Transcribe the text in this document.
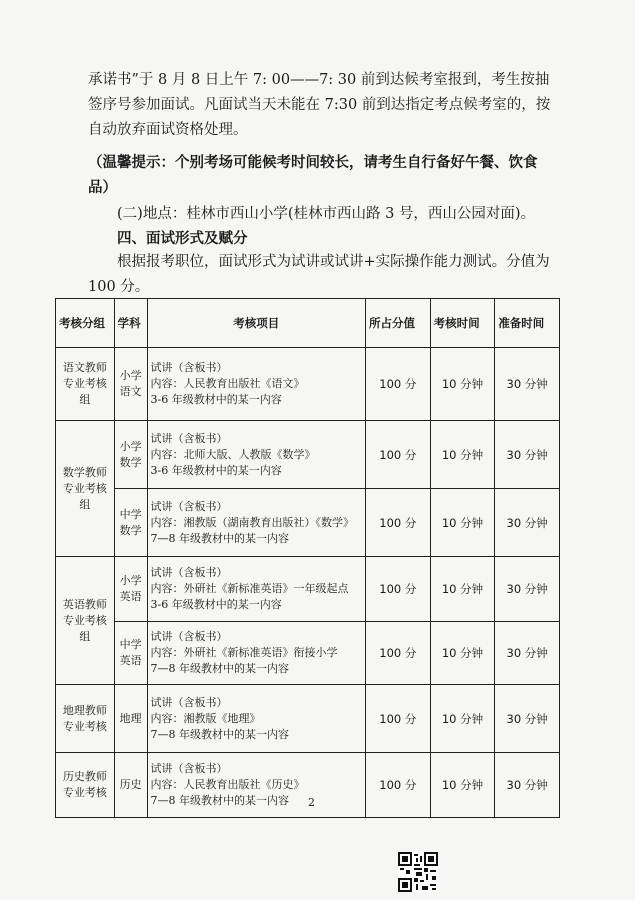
承诺书”于 8 月 8 日上午 7: 00——7: 30 前到达候考室报到，考生按抽签序号参加面试。凡面试当天未能在 7:30 前到达指定考点候考室的，按自动放弃面试资格处理。
（温馨提示：个别考场可能候考时间较长，请考生自行备好午餐、饮食品）
(二)地点：桂林市西山小学(桂林市西山路 3 号，西山公园对面)。
四、面试形式及赋分
根据报考职位，面试形式为试讲或试讲+实际操作能力测试。分值为 100 分。
考核分组	学科	考核项目	所占分值	考核时间	准备时间
语文教师专业考核组	小学语文	试讲（含板书）
内容：人民教育出版社《语文》
3-6 年级教材中的某一内容	100 分	10 分钟	30 分钟
数学教师专业考核组	小学数学	试讲（含板书）
内容：北师大版、人教版《数学》
3-6 年级教材中的某一内容	100 分	10 分钟	30 分钟
	中学数学	试讲（含板书）
内容：湘教版（湖南教育出版社）《数学》
7—8 年级教材中的某一内容	100 分	10 分钟	30 分钟
英语教师专业考核组	小学英语	试讲（含板书）
内容：外研社《新标准英语》一年级起点
3-6 年级教材中的某一内容	100 分	10 分钟	30 分钟
	中学英语	试讲（含板书）
内容：外研社《新标准英语》衔接小学
7—8 年级教材中的某一内容	100 分	10 分钟	30 分钟
地理教师专业考核	地理	试讲（含板书）
内容：湘教版《地理》
7—8 年级教材中的某一内容	100 分	10 分钟	30 分钟
历史教师专业考核	历史	试讲（含板书）
内容：人民教育出版社《历史》
7—8 年级教材中的某一内容	100 分	10 分钟	30 分钟
2
